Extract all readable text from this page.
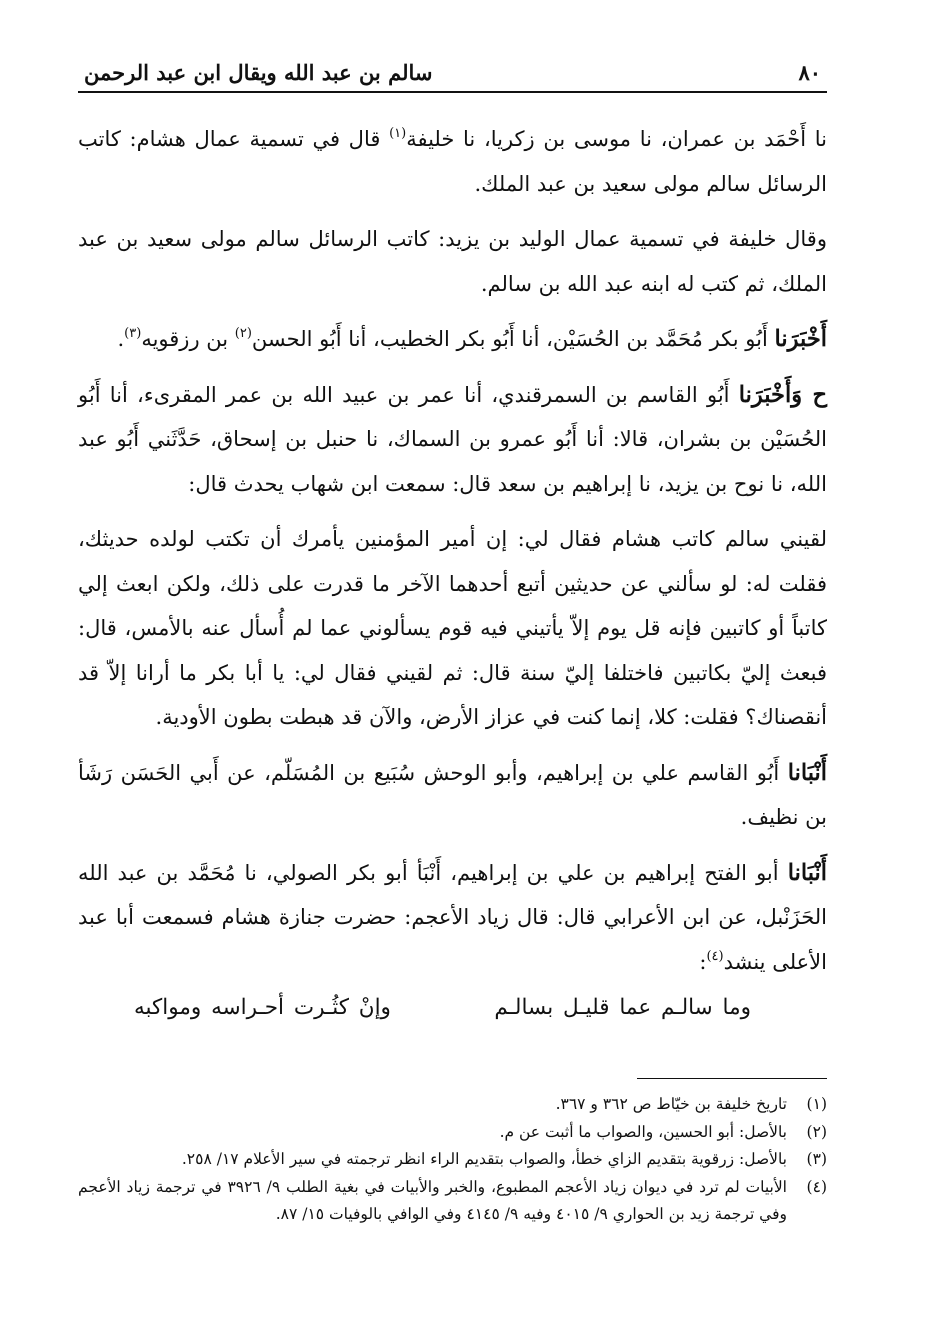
٨٠
سالم بن عبد الله ويقال ابن عبد الرحمن

نا أَحْمَد بن عمران، نا موسى بن زكريا، نا خليفة$^{(١)}$ قال في تسمية عمال هشام: كاتب الرسائل سالم مولى سعيد بن عبد الملك.

وقال خليفة في تسمية عمال الوليد بن يزيد: كاتب الرسائل سالم مولى سعيد بن عبد الملك، ثم كتب له ابنه عبد الله بن سالم.

أَخْبَرَنا أَبُو بكر مُحَمَّد بن الحُسَيْن، أنا أَبُو بكر الخطيب، أنا أَبُو الحسن$^{(٢)}$ بن رزقويه$^{(٣)}$.

ح وَأَخْبَرَنا أَبُو القاسم بن السمرقندي، أنا عمر بن عبيد الله بن عمر المقرىء، أنا أَبُو الحُسَيْن بن بشران، قالا: أنا أَبُو عمرو بن السماك، نا حنبل بن إسحاق، حَدَّثَني أَبُو عبد الله، نا نوح بن يزيد، نا إبراهيم بن سعد قال: سمعت ابن شهاب يحدث قال:

لقيني سالم كاتب هشام فقال لي: إن أمير المؤمنين يأمرك أن تكتب لولده حديثك، فقلت له: لو سألني عن حديثين أتبع أحدهما الآخر ما قدرت على ذلك، ولكن ابعث إلي كاتباً أو كاتبين فإنه قل يوم إلاّ يأتيني فيه قوم يسألوني عما لم أُسأل عنه بالأمس، قال: فبعث إليّ بكاتبين فاختلفا إليّ سنة قال: ثم لقيني فقال لي: يا أبا بكر ما أرانا إلاّ قد أنقصناك؟ فقلت: كلا، إنما كنت في عزاز الأرض، والآن قد هبطت بطون الأودية.

أَنْبَانا أَبُو القاسم علي بن إبراهيم، وأبو الوحش سُبَيع بن المُسَلّم، عن أَبي الحَسَن رَشَأ بن نظيف.

أَنْبَانا أبو الفتح إبراهيم بن علي بن إبراهيم، أَنْبَأ أبو بكر الصولي، نا مُحَمَّد بن عبد الله الحَزَنْبل، عن ابن الأعرابي قال: قال زياد الأعجم: حضرت جنازة هشام فسمعت أبا عبد الأعلى ينشد$^{(٤)}$:

وما سالـم عما قليـل بسالـم
وإنْ كثُـرت أحـراسه ومواكبه
(١)
تاريخ خليفة بن خيّاط ص ٣٦٢ و ٣٦٧.
(٢)
بالأصل: أبو الحسين، والصواب ما أثبت عن م.
(٣)
بالأصل: زرقوية بتقديم الزاي خطأ، والصواب بتقديم الراء انظر ترجمته في سير الأعلام ١٧/ ٢٥٨.
(٤)
الأبيات لم ترد في ديوان زياد الأعجم المطبوع، والخبر والأبيات في بغية الطلب ٩/ ٣٩٢٦ في ترجمة زياد الأعجم وفي ترجمة زيد بن الحواري ٩/ ٤٠١٥ وفيه ٩/ ٤١٤٥ وفي الوافي بالوفيات ١٥/ ٨٧.
